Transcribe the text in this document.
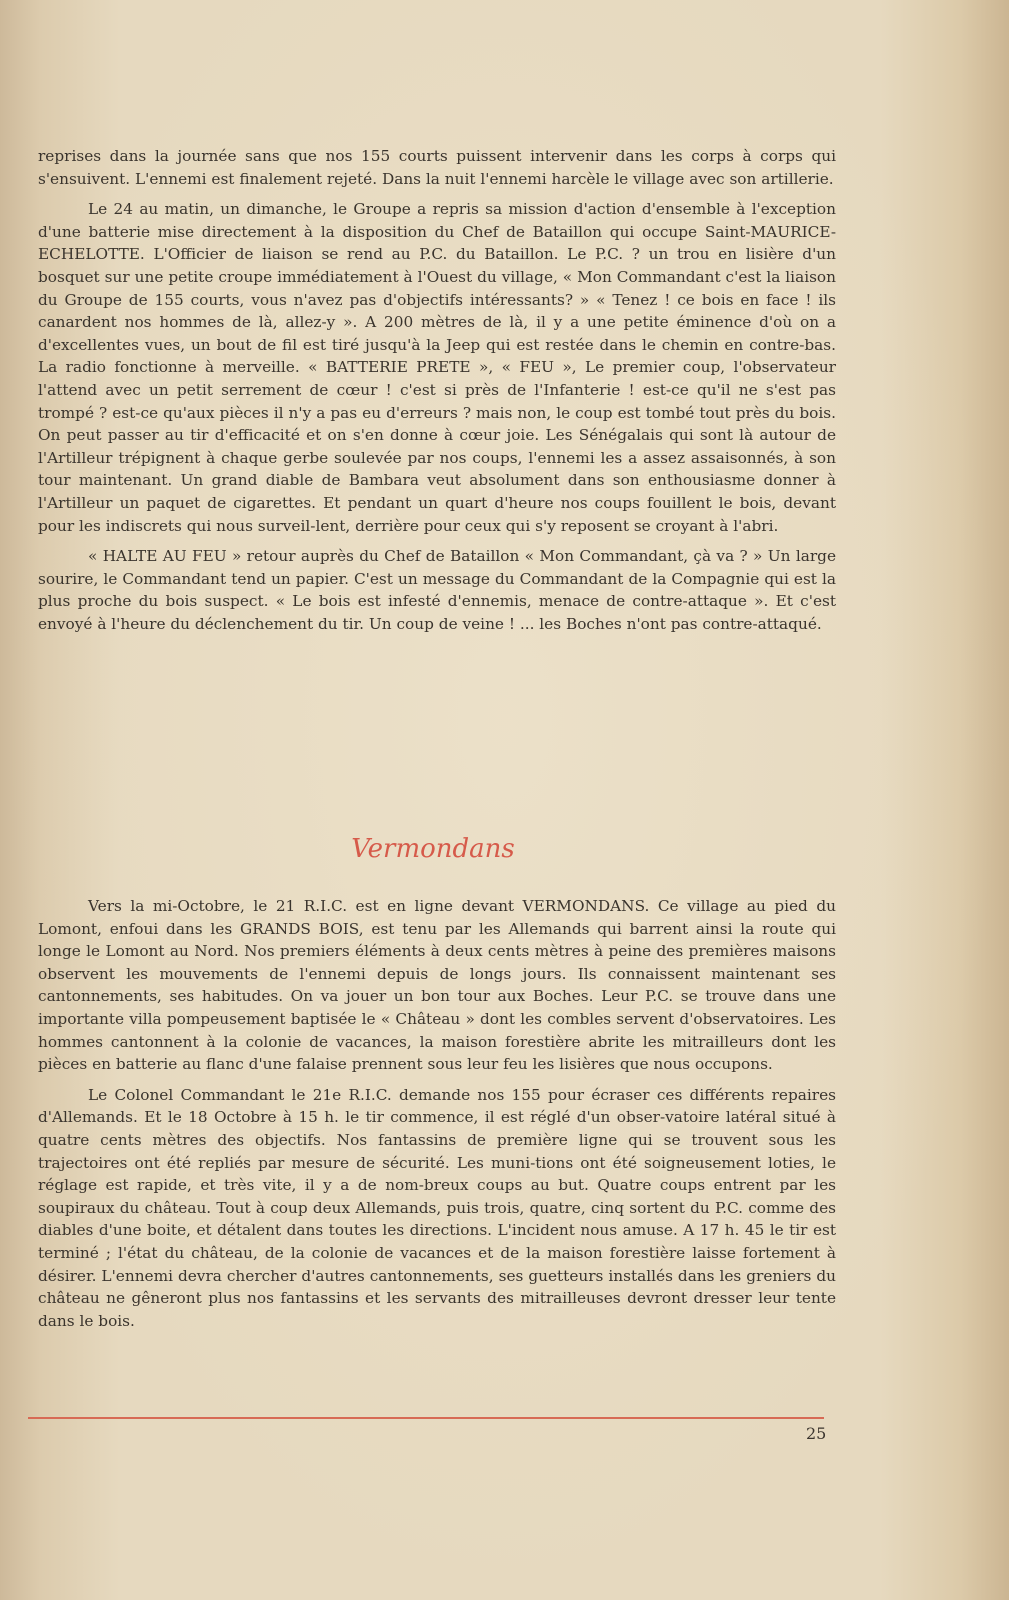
reprises dans la journée sans que nos 155 courts puissent intervenir dans les corps à corps qui s'ensuivent. L'ennemi est finalement rejeté. Dans la nuit l'ennemi harcèle le village avec son artillerie.

Le 24 au matin, un dimanche, le Groupe a repris sa mission d'action d'ensemble à l'exception d'une batterie mise directement à la disposition du Chef de Bataillon qui occupe Saint-MAURICE-ECHELOTTE. L'Officier de liaison se rend au P.C. du Bataillon. Le P.C. ? un trou en lisière d'un bosquet sur une petite croupe immédiatement à l'Ouest du village, « Mon Commandant c'est la liaison du Groupe de 155 courts, vous n'avez pas d'objectifs intéressants? » « Tenez ! ce bois en face ! ils canardent nos hommes de là, allez-y ». A 200 mètres de là, il y a une petite éminence d'où on a d'excellentes vues, un bout de fil est tiré jusqu'à la Jeep qui est restée dans le chemin en contre-bas. La radio fonctionne à merveille. « BATTERIE PRETE », « FEU », Le premier coup, l'observateur l'attend avec un petit serrement de cœur ! c'est si près de l'Infanterie ! est-ce qu'il ne s'est pas trompé ? est-ce qu'aux pièces il n'y a pas eu d'erreurs ? mais non, le coup est tombé tout près du bois. On peut passer au tir d'efficacité et on s'en donne à cœur joie. Les Sénégalais qui sont là autour de l'Artilleur trépignent à chaque gerbe soulevée par nos coups, l'ennemi les a assez assaisonnés, à son tour maintenant. Un grand diable de Bambara veut absolument dans son enthousiasme donner à l'Artilleur un paquet de cigarettes. Et pendant un quart d'heure nos coups fouillent le bois, devant pour les indiscrets qui nous surveil-lent, derrière pour ceux qui s'y reposent se croyant à l'abri.

« HALTE AU FEU » retour auprès du Chef de Bataillon « Mon Commandant, çà va ? » Un large sourire, le Commandant tend un papier. C'est un message du Commandant de la Compagnie qui est la plus proche du bois suspect. « Le bois est infesté d'ennemis, menace de contre-attaque ». Et c'est envoyé à l'heure du déclenchement du tir. Un coup de veine ! ... les Boches n'ont pas contre-attaqué.

Vermondans

Vers la mi-Octobre, le 21 R.I.C. est en ligne devant VERMONDANS. Ce village au pied du Lomont, enfoui dans les GRANDS BOIS, est tenu par les Allemands qui barrent ainsi la route qui longe le Lomont au Nord. Nos premiers éléments à deux cents mètres à peine des premières maisons observent les mouvements de l'ennemi depuis de longs jours. Ils connaissent maintenant ses cantonnements, ses habitudes. On va jouer un bon tour aux Boches. Leur P.C. se trouve dans une importante villa pompeusement baptisée le « Château » dont les combles servent d'observatoires. Les hommes cantonnent à la colonie de vacances, la maison forestière abrite les mitrailleurs dont les pièces en batterie au flanc d'une falaise prennent sous leur feu les lisières que nous occupons.

Le Colonel Commandant le 21e R.I.C. demande nos 155 pour écraser ces différents repaires d'Allemands. Et le 18 Octobre à 15 h. le tir commence, il est réglé d'un obser-vatoire latéral situé à quatre cents mètres des objectifs. Nos fantassins de première ligne qui se trouvent sous les trajectoires ont été repliés par mesure de sécurité. Les muni-tions ont été soigneusement loties, le réglage est rapide, et très vite, il y a de nom-breux coups au but. Quatre coups entrent par les soupiraux du château. Tout à coup deux Allemands, puis trois, quatre, cinq sortent du P.C. comme des diables d'une boite, et détalent dans toutes les directions. L'incident nous amuse. A 17 h. 45 le tir est terminé ; l'état du château, de la colonie de vacances et de la maison forestière laisse fortement à désirer. L'ennemi devra chercher d'autres cantonnements, ses guetteurs installés dans les greniers du château ne gêneront plus nos fantassins et les servants des mitrailleuses devront dresser leur tente dans le bois.

25
